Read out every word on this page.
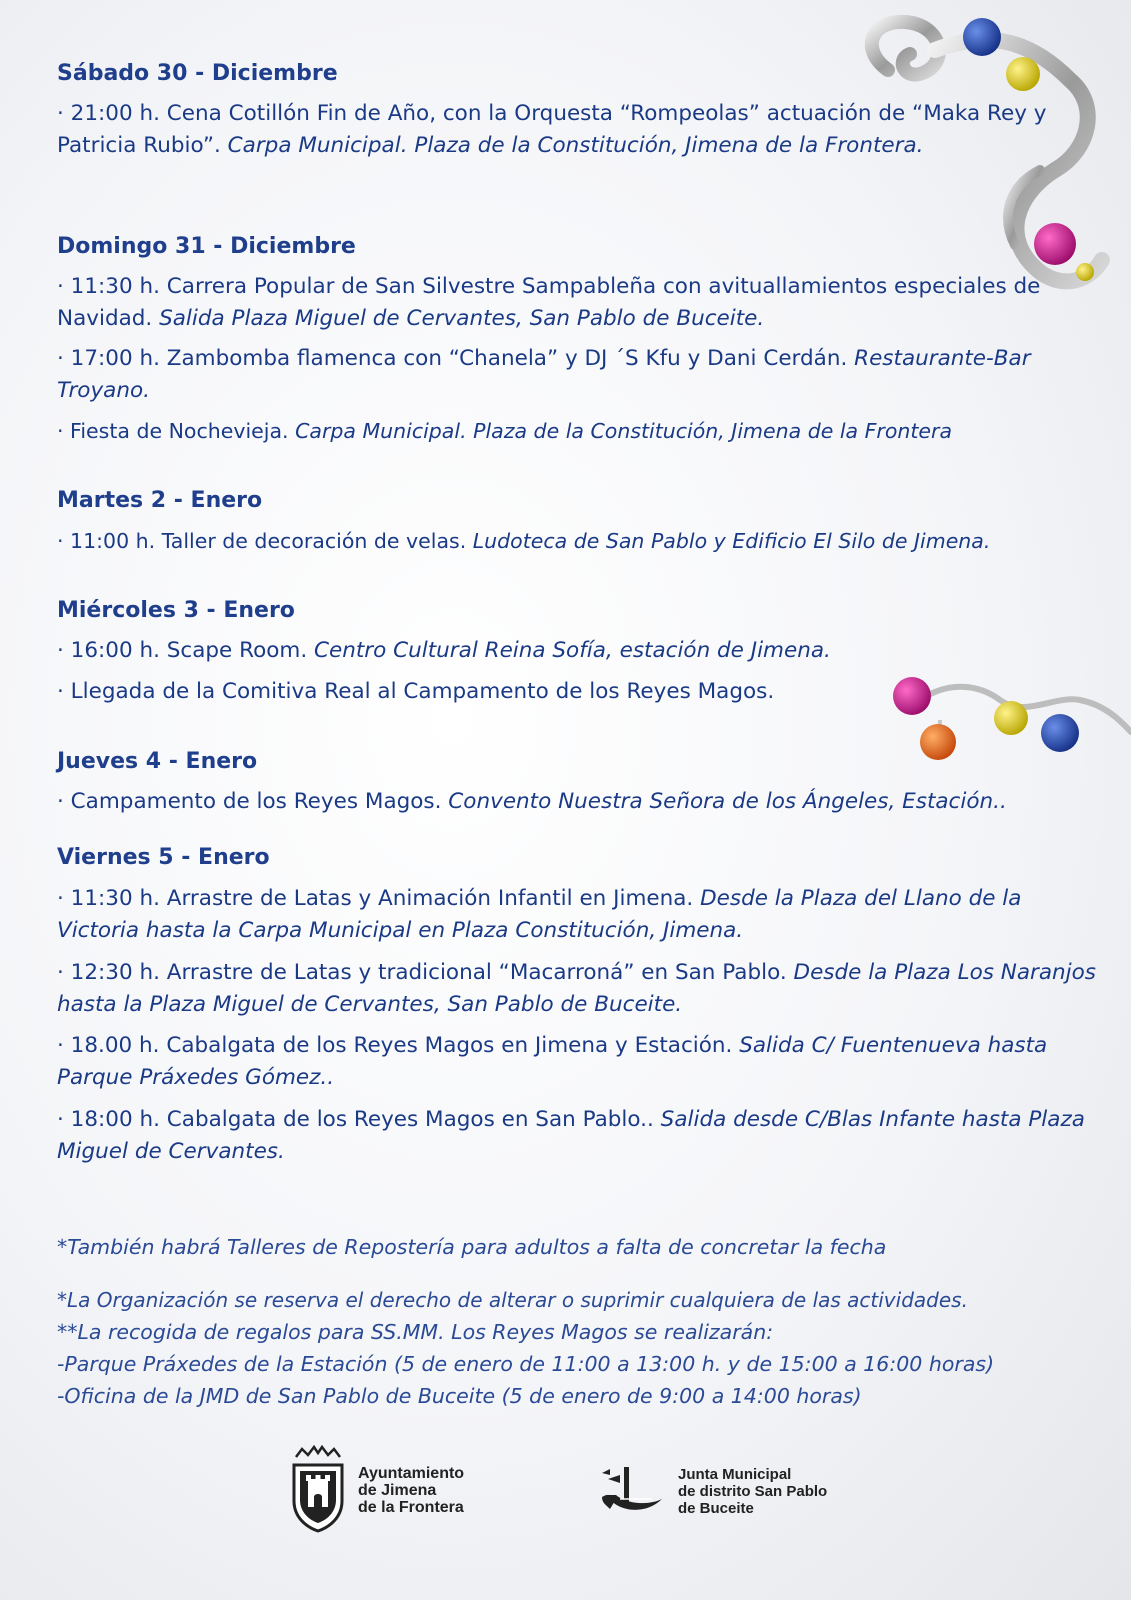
Sábado 30 - Diciembre
· 21:00 h. Cena Cotillón Fin de Año, con la Orquesta “Rompeolas” actuación de “Maka Rey y Patricia Rubio”. Carpa Municipal. Plaza de la Constitución, Jimena de la Frontera.
Domingo 31 - Diciembre
· 11:30 h. Carrera Popular de San Silvestre Sampableña con avituallamientos especiales de Navidad. Salida Plaza Miguel de Cervantes, San Pablo de Buceite.
· 17:00 h. Zambomba flamenca con “Chanela” y DJ ´S Kfu y Dani Cerdán. Restaurante-Bar Troyano.
· Fiesta de Nochevieja. Carpa Municipal. Plaza de la Constitución, Jimena de la Frontera
Martes 2 - Enero
· 11:00 h. Taller de decoración de velas. Ludoteca de San Pablo y Edificio El Silo de Jimena.
Miércoles 3 - Enero
· 16:00 h. Scape Room. Centro Cultural Reina Sofía, estación de Jimena.
· Llegada de la Comitiva Real al Campamento de los Reyes Magos.
Jueves 4 - Enero
· Campamento de los Reyes Magos. Convento Nuestra Señora de los Ángeles, Estación..
Viernes 5 - Enero
· 11:30 h. Arrastre de Latas y Animación Infantil en Jimena. Desde la Plaza del Llano de la Victoria hasta la Carpa Municipal en Plaza Constitución, Jimena.
· 12:30 h. Arrastre de Latas y tradicional “Macarroná” en San Pablo. Desde la Plaza Los Naranjos hasta la Plaza Miguel de Cervantes, San Pablo de Buceite.
· 18.00 h. Cabalgata de los Reyes Magos en Jimena y Estación. Salida C/ Fuentenueva hasta Parque Práxedes Gómez..
· 18:00 h. Cabalgata de los Reyes Magos en San Pablo.. Salida desde C/Blas Infante hasta Plaza Miguel de Cervantes.
*También habrá Talleres de Repostería para adultos a falta de concretar la fecha
*La Organización se reserva el derecho de alterar o suprimir cualquiera de las actividades.
**La recogida de regalos para SS.MM. Los Reyes Magos se realizarán:
-Parque Práxedes de la Estación (5 de enero de 11:00 a 13:00 h. y de 15:00 a 16:00 horas)
-Oficina de la JMD de San Pablo de Buceite (5 de enero de 9:00 a 14:00 horas)
Ayuntamiento
de Jimena
de la Frontera
Junta Municipal
de distrito San Pablo
de Buceite
